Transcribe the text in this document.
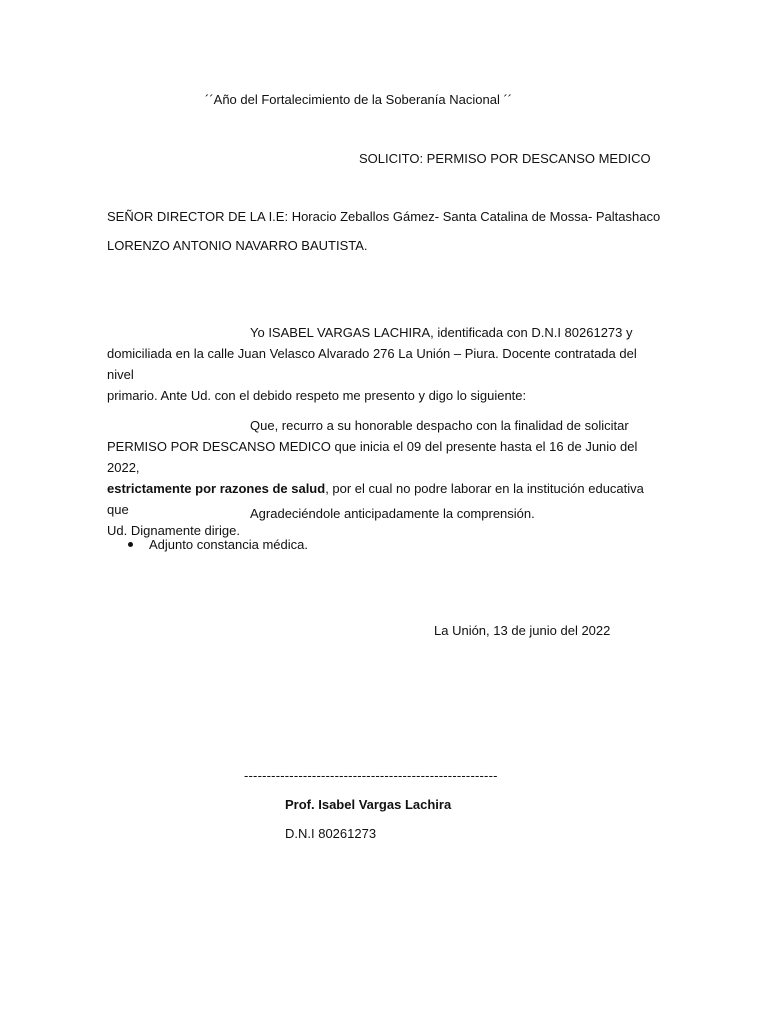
´´Año del Fortalecimiento de la Soberanía Nacional ´´
SOLICITO: PERMISO POR DESCANSO MEDICO
SEÑOR DIRECTOR DE LA I.E: Horacio Zeballos Gámez- Santa Catalina de Mossa- Paltashaco
LORENZO ANTONIO NAVARRO BAUTISTA.

Yo ISABEL VARGAS LACHIRA, identificada con D.N.I 80261273 y

domiciliada en la calle Juan Velasco Alvarado 276 La Unión – Piura. Docente contratada del nivel

primario. Ante Ud. con el debido respeto me presento y digo lo siguiente:

Que, recurro a su honorable despacho con la finalidad de solicitar

PERMISO POR DESCANSO MEDICO que inicia el 09 del presente hasta el 16 de Junio del 2022,

estrictamente por razones de salud, por el cual no podre laborar en la institución educativa que

Ud. Dignamente dirige.

Agradeciéndole anticipadamente la comprensión.
Adjunto constancia médica.
La Unión, 13 de junio del 2022
--------------------------------------------------------
Prof. Isabel Vargas Lachira
D.N.I 80261273
